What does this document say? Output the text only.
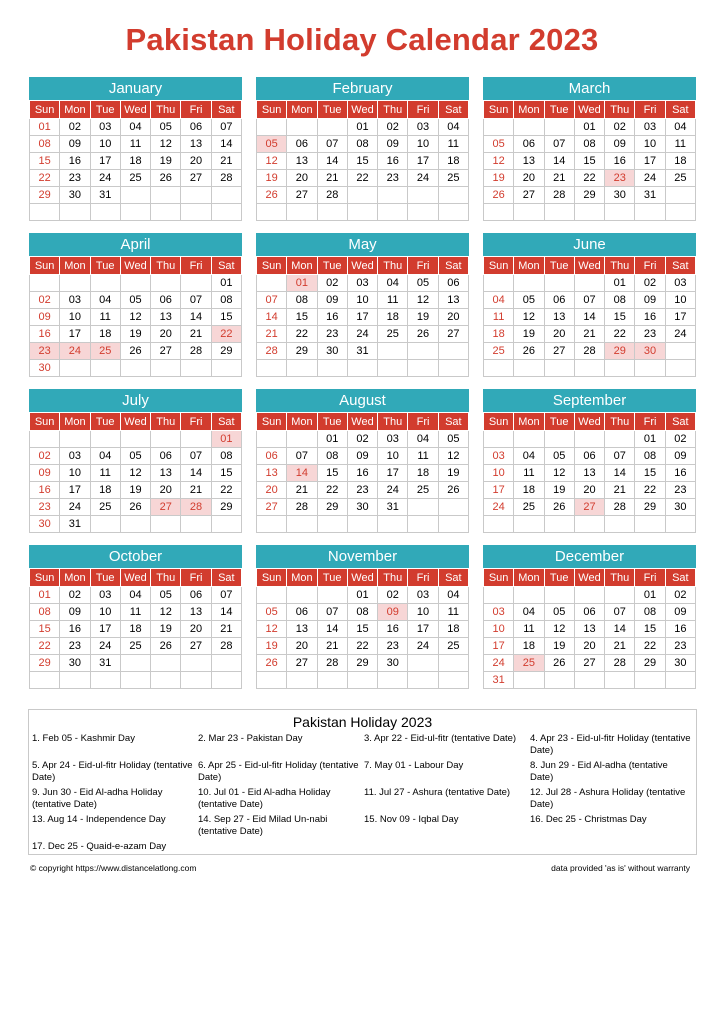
Pakistan Holiday Calendar 2023
January
Sun	Mon	Tue	Wed	Thu	Fri	Sat
01	02	03	04	05	06	07
08	09	10	11	12	13	14
15	16	17	18	19	20	21
22	23	24	25	26	27	28
29	30	31				

February
Sun	Mon	Tue	Wed	Thu	Fri	Sat
			01	02	03	04
05	06	07	08	09	10	11
12	13	14	15	16	17	18
19	20	21	22	23	24	25
26	27	28				

March
Sun	Mon	Tue	Wed	Thu	Fri	Sat
			01	02	03	04
05	06	07	08	09	10	11
12	13	14	15	16	17	18
19	20	21	22	23	24	25
26	27	28	29	30	31	

April
Sun	Mon	Tue	Wed	Thu	Fri	Sat
						01
02	03	04	05	06	07	08
09	10	11	12	13	14	15
16	17	18	19	20	21	22
23	24	25	26	27	28	29
30						
May
Sun	Mon	Tue	Wed	Thu	Fri	Sat
	01	02	03	04	05	06
07	08	09	10	11	12	13
14	15	16	17	18	19	20
21	22	23	24	25	26	27
28	29	30	31			

June
Sun	Mon	Tue	Wed	Thu	Fri	Sat
				01	02	03
04	05	06	07	08	09	10
11	12	13	14	15	16	17
18	19	20	21	22	23	24
25	26	27	28	29	30	

July
Sun	Mon	Tue	Wed	Thu	Fri	Sat
						01
02	03	04	05	06	07	08
09	10	11	12	13	14	15
16	17	18	19	20	21	22
23	24	25	26	27	28	29
30	31					
August
Sun	Mon	Tue	Wed	Thu	Fri	Sat
		01	02	03	04	05
06	07	08	09	10	11	12
13	14	15	16	17	18	19
20	21	22	23	24	25	26
27	28	29	30	31		

September
Sun	Mon	Tue	Wed	Thu	Fri	Sat
					01	02
03	04	05	06	07	08	09
10	11	12	13	14	15	16
17	18	19	20	21	22	23
24	25	26	27	28	29	30

October
Sun	Mon	Tue	Wed	Thu	Fri	Sat
01	02	03	04	05	06	07
08	09	10	11	12	13	14
15	16	17	18	19	20	21
22	23	24	25	26	27	28
29	30	31				

November
Sun	Mon	Tue	Wed	Thu	Fri	Sat
			01	02	03	04
05	06	07	08	09	10	11
12	13	14	15	16	17	18
19	20	21	22	23	24	25
26	27	28	29	30		

December
Sun	Mon	Tue	Wed	Thu	Fri	Sat
					01	02
03	04	05	06	07	08	09
10	11	12	13	14	15	16
17	18	19	20	21	22	23
24	25	26	27	28	29	30
31						
Pakistan Holiday 2023
1. Feb 05 - Kashmir Day	2. Mar 23 - Pakistan Day	3. Apr 22 - Eid-ul-fitr (tentative Date)	4. Apr 23 - Eid-ul-fitr Holiday (tentative Date)
5. Apr 24 - Eid-ul-fitr Holiday (tentative Date)
6. Apr 25 - Eid-ul-fitr Holiday (tentative Date)
7. May 01 - Labour Day	8. Jun 29 - Eid Al-adha (tentative Date)
9. Jun 30 - Eid Al-adha Holiday (tentative Date)
10. Jul 01 - Eid Al-adha Holiday (tentative Date)
11. Jul 27 - Ashura (tentative Date)	12. Jul 28 - Ashura Holiday (tentative Date)
13. Aug 14 - Independence Day	14. Sep 27 - Eid Milad Un-nabi (tentative Date)
15. Nov 09 - Iqbal Day	16. Dec 25 - Christmas Day
17. Dec 25 - Quaid-e-azam Day
© copyright https://www.distancelatlong.com	data provided 'as is' without warranty
